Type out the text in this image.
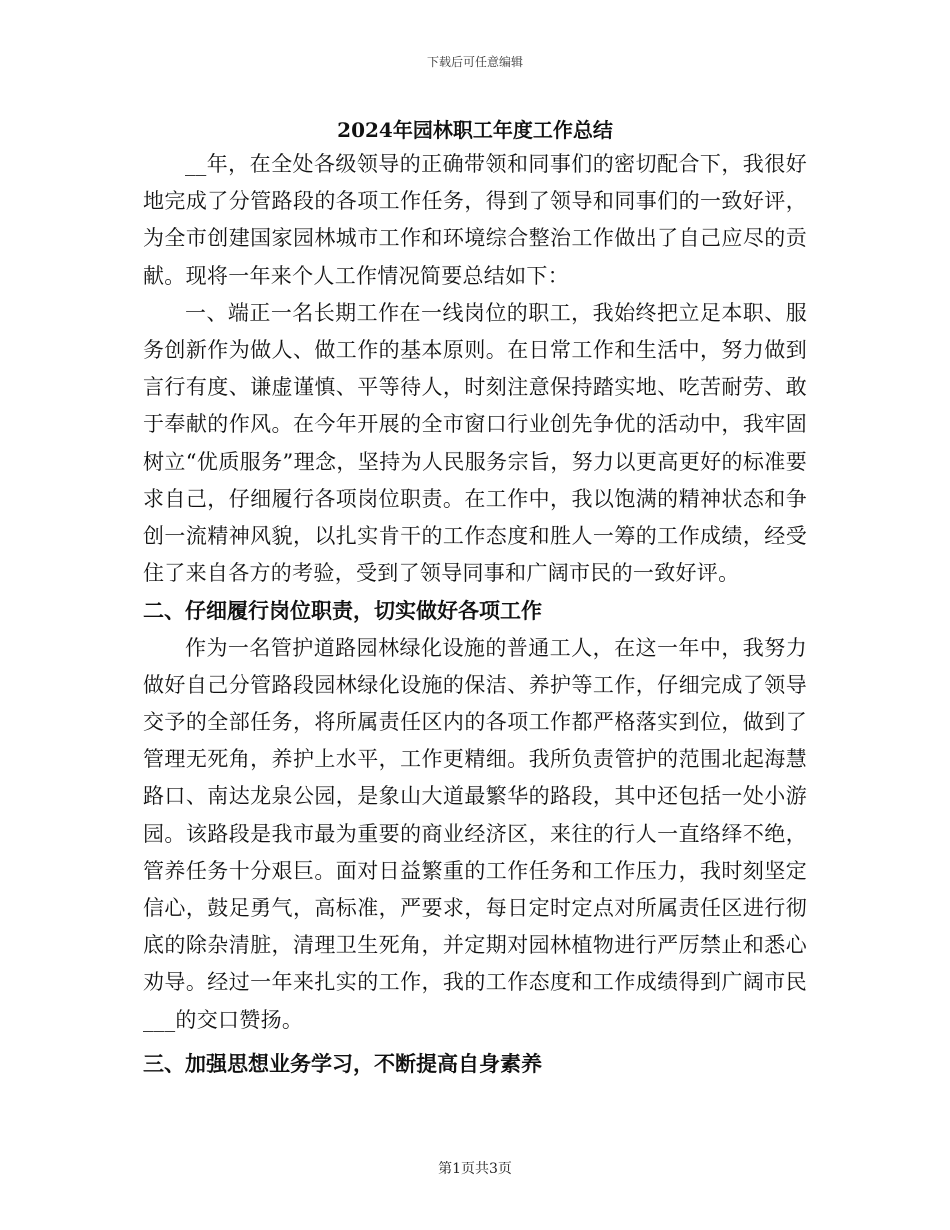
下载后可任意编辑
2024年园林职工年度工作总结

__年，在全处各级领导的正确带领和同事们的密切配合下，我很好地完成了分管路段的各项工作任务，得到了领导和同事们的一致好评，为全市创建国家园林城市工作和环境综合整治工作做出了自己应尽的贡献。现将一年来个人工作情况简要总结如下：

一、端正一名长期工作在一线岗位的职工，我始终把立足本职、服务创新作为做人、做工作的基本原则。在日常工作和生活中，努力做到言行有度、谦虚谨慎、平等待人，时刻注意保持踏实地、吃苦耐劳、敢于奉献的作风。在今年开展的全市窗口行业创先争优的活动中，我牢固树立“优质服务”理念，坚持为人民服务宗旨，努力以更高更好的标准要求自己，仔细履行各项岗位职责。在工作中，我以饱满的精神状态和争创一流精神风貌，以扎实肯干的工作态度和胜人一筹的工作成绩，经受住了来自各方的考验，受到了领导同事和广阔市民的一致好评。

二、仔细履行岗位职责，切实做好各项工作

作为一名管护道路园林绿化设施的普通工人，在这一年中，我努力做好自己分管路段园林绿化设施的保洁、养护等工作，仔细完成了领导交予的全部任务，将所属责任区内的各项工作都严格落实到位，做到了管理无死角，养护上水平，工作更精细。我所负责管护的范围北起海慧路口、南达龙泉公园，是象山大道最繁华的路段，其中还包括一处小游园。该路段是我市最为重要的商业经济区，来往的行人一直络绎不绝，管养任务十分艰巨。面对日益繁重的工作任务和工作压力，我时刻坚定信心，鼓足勇气，高标准，严要求，每日定时定点对所属责任区进行彻底的除杂清脏，清理卫生死角，并定期对园林植物进行严厉禁止和悉心劝导。经过一年来扎实的工作，我的工作态度和工作成绩得到广阔市民___的交口赞扬。

三、加强思想业务学习，不断提高自身素养

第1页共3页
